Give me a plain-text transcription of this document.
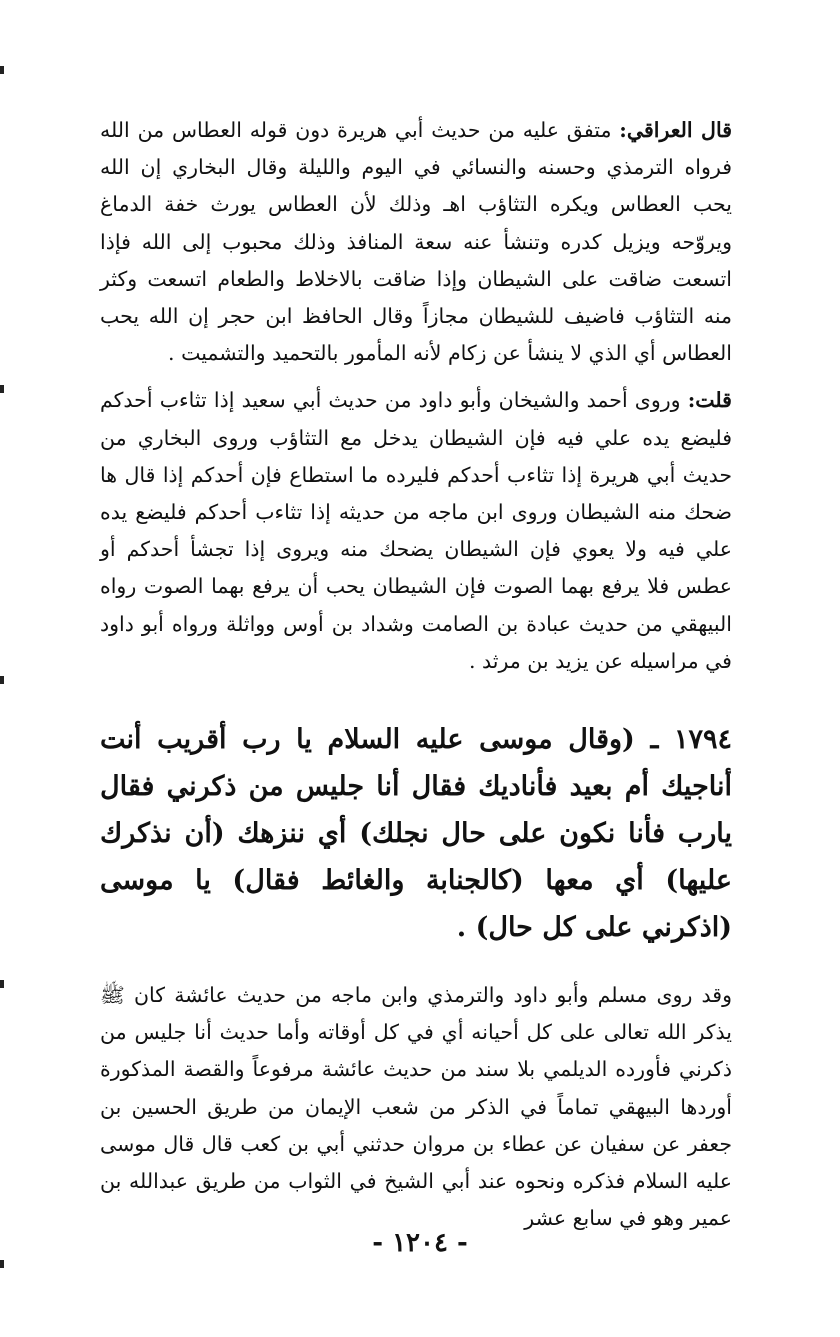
قال العراقي: متفق عليه من حديث أبي هريرة دون قوله العطاس من الله فرواه الترمذي وحسنه والنسائي في اليوم والليلة وقال البخاري إن الله يحب العطاس ويكره التثاؤب اهـ وذلك لأن العطاس يورث خفة الدماغ ويروّحه ويزيل كدره وتنشأ عنه سعة المنافذ وذلك محبوب إلى الله فإذا اتسعت ضاقت على الشيطان وإذا ضاقت بالاخلاط والطعام اتسعت وكثر منه التثاؤب فاضيف للشيطان مجازاً وقال الحافظ ابن حجر إن الله يحب العطاس أي الذي لا ينشأ عن زكام لأنه المأمور بالتحميد والتشميت .

قلت: وروى أحمد والشيخان وأبو داود من حديث أبي سعيد إذا تثاءب أحدكم فليضع يده علي فيه فإن الشيطان يدخل مع التثاؤب وروى البخاري من حديث أبي هريرة إذا تثاءب أحدكم فليرده ما استطاع فإن أحدكم إذا قال ها ضحك منه الشيطان وروى ابن ماجه من حديثه إذا تثاءب أحدكم فليضع يده علي فيه ولا يعوي فإن الشيطان يضحك منه ويروى إذا تجشأ أحدكم أو عطس فلا يرفع بهما الصوت فإن الشيطان يحب أن يرفع بهما الصوت رواه البيهقي من حديث عبادة بن الصامت وشداد بن أوس وواثلة ورواه أبو داود في مراسيله عن يزيد بن مرثد .

١٧٩٤ ـ (وقال موسى عليه السلام يا رب أقريب أنت أناجيك أم بعيد فأناديك فقال أنا جليس من ذكرني فقال يارب فأنا نكون على حال نجلك) أي ننزهك (أن نذكرك عليها) أي معها (كالجنابة والغائط فقال) يا موسى (اذكرني على كل حال) .

وقد روى مسلم وأبو داود والترمذي وابن ماجه من حديث عائشة كان ﷺ يذكر الله تعالى على كل أحيانه أي في كل أوقاته وأما حديث أنا جليس من ذكرني فأورده الديلمي بلا سند من حديث عائشة مرفوعاً والقصة المذكورة أوردها البيهقي تماماً في الذكر من شعب الإيمان من طريق الحسين بن جعفر عن سفيان عن عطاء بن مروان حدثني أبي بن كعب قال قال موسى عليه السلام فذكره ونحوه عند أبي الشيخ في الثواب من طريق عبدالله بن عمير وهو في سابع عشر

- ١٢٠٤ -
